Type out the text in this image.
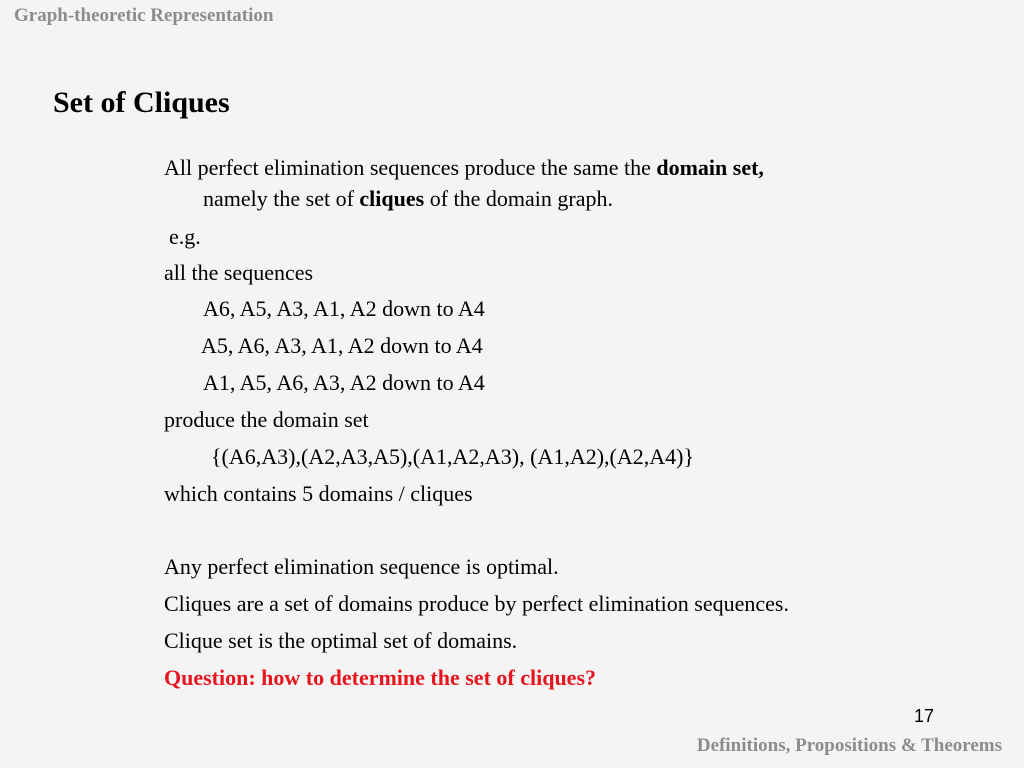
Graph-theoretic Representation
Set of Cliques
All perfect elimination sequences produce the same the domain set,
namely the set of cliques of the domain graph.
e.g.
all the sequences
A6, A5, A3, A1, A2 down to A4
A5, A6, A3, A1, A2 down to A4
A1, A5, A6, A3, A2 down to A4
produce the domain set
{(A6,A3),(A2,A3,A5),(A1,A2,A3), (A1,A2),(A2,A4)}
which contains 5 domains / cliques
Any perfect elimination sequence is optimal.
Cliques are a set of domains produce by perfect elimination sequences.
Clique set is the optimal set of domains.
Question: how to determine the set of cliques?
17
Definitions, Propositions & Theorems
